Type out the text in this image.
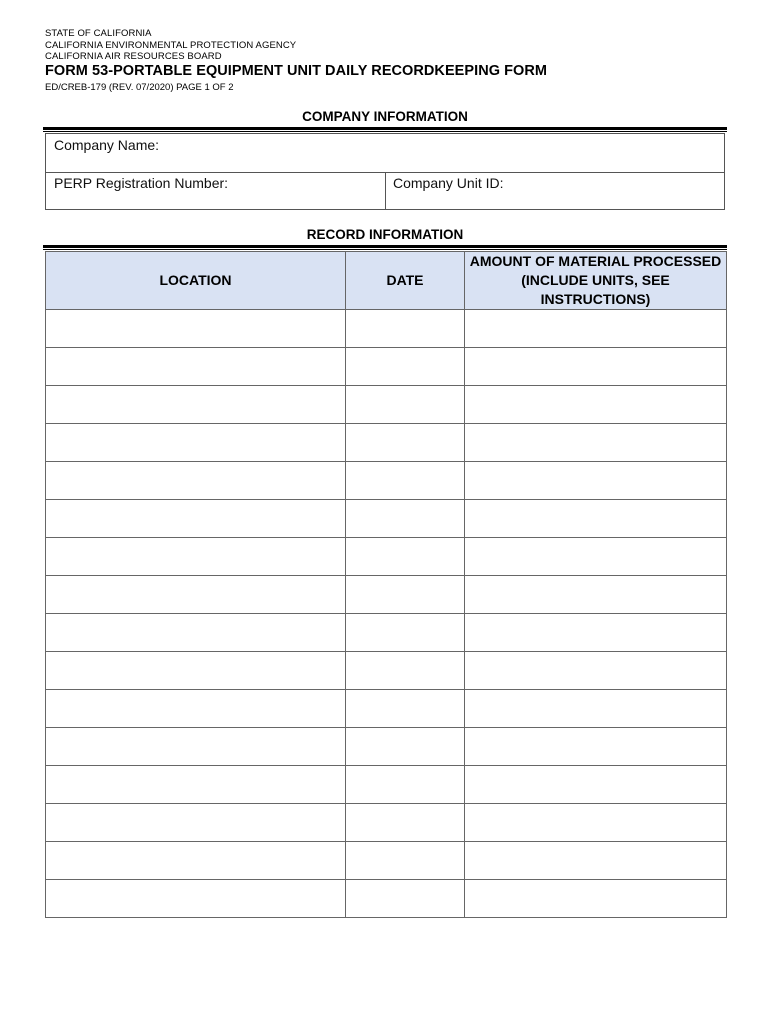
STATE OF CALIFORNIA
CALIFORNIA ENVIRONMENTAL PROTECTION AGENCY
CALIFORNIA AIR RESOURCES BOARD
FORM 53-PORTABLE EQUIPMENT UNIT DAILY RECORDKEEPING FORM
ED/CREB-179 (REV. 07/2020) PAGE 1 OF 2
COMPANY INFORMATION
Company Name:
PERP Registration Number:	Company Unit ID:
RECORD INFORMATION
LOCATION	DATE	AMOUNT OF MATERIAL PROCESSED (INCLUDE UNITS, SEE INSTRUCTIONS)
